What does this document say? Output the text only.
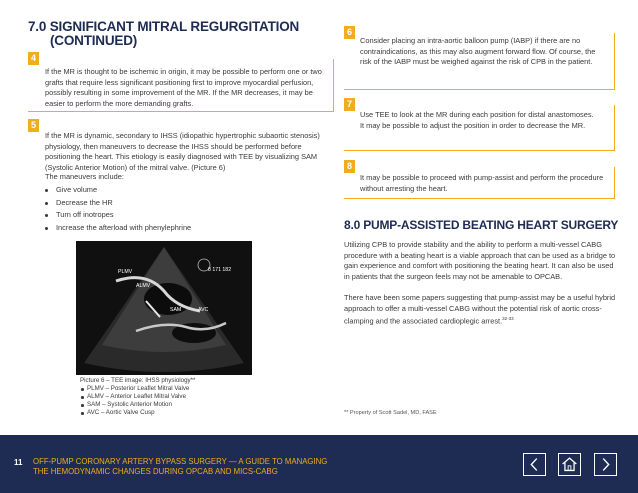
7.0 SIGNIFICANT MITRAL REGURGITATION
(CONTINUED)
4
If the MR is thought to be ischemic in origin, it may be possible to perform one or two grafts that require less significant positioning first to improve myocardial perfusion, possibly resulting in some improvement of the MR. If the MR decreases, it may be easier to perform the more demanding grafts.
5
If the MR is dynamic, secondary to IHSS (idiopathic hypertrophic subaortic stenosis) physiology, then maneuvers to decrease the IHSS should be performed before positioning the heart. This etiology is easily diagnosed with TEE by visualizing SAM (Systolic Anterior Motion) of the mitral valve. (Picture 6)
The maneuvers include:
Give volume
Decrease the HR
Turn off inotropes
Increase the afterload with phenylephrine
PLMV
ALMV
SAM	AVC
8 171 182
Picture 6 – TEE image: IHSS physiology**
PLMV – Posterior Leaflet Mitral Valve
ALMV – Anterior Leaflet Mitral Valve
SAM – Systolic Anterior Motion
AVC – Aortic Valve Cusp
6
Consider placing an intra-aortic balloon pump (IABP) if there are no contraindications, as this may also augment forward flow. Of course, the risk of the IABP must be weighed against the risk of CPB in the patient.
7
Use TEE to look at the MR during each position for distal anastomoses. It may be possible to adjust the position in order to decrease the MR.
8
It may be possible to proceed with pump-assist and perform the procedure without arresting the heart.
8.0 PUMP-ASSISTED BEATING HEART SURGERY
Utilizing CPB to provide stability and the ability to perform a multi-vessel CABG procedure with a beating heart is a viable approach that can be used as a bridge to gain experience and comfort with positioning the beating heart. It can also be used in patients that the surgeon feels may not be amenable to OPCAB.
There have been some papers suggesting that pump-assist may be a useful hybrid approach to offer a multi-vessel CABG without the potential risk of aortic cross-clamping and the associated cardioplegic arrest.$^{32-33}$
** Property of Scott Sadel, MD, FASE
11 OFF-PUMP CORONARY ARTERY BYPASS SURGERY — A GUIDE TO MANAGING
THE HEMODYNAMIC CHANGES DURING OPCAB AND MICS-CABG
